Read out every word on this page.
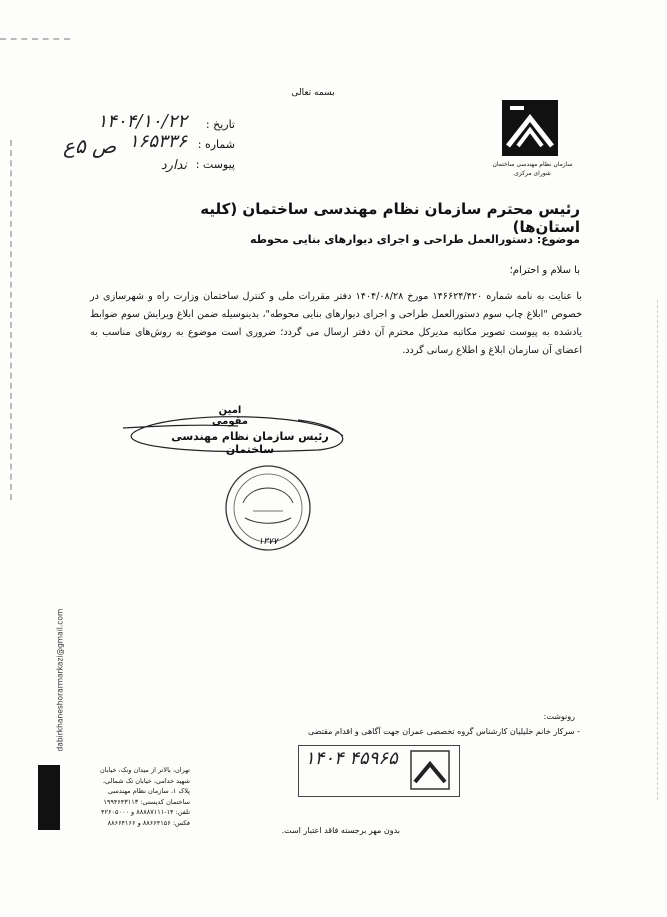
بسمه تعالی
سازمان نظام مهندسی ساختمان شورای مرکزی
تاریخ :
۱۴۰۴/۱۰/۲۲
شماره :
۱۶۵۳۳۶
پیوست :
ندارد
ص ۵ع
رئیس محترم سازمان نظام مهندسی ساختمان (کلیه استان‌ها)
موضوع: دستورالعمل طراحی و اجرای دیوارهای بنایی محوطه
با سلام و احترام؛
با عنایت به نامه شماره ۱۴۶۶۲۴/۴۲۰ مورخ ۱۴۰۴/۰۸/۲۸ دفتر مقررات ملی و کنترل ساختمان وزارت راه و شهرسازی در خصوص "ابلاغ چاپ سوم دستورالعمل طراحی و اجرای دیوارهای بنایی محوطه"، بدینوسیله ضمن ابلاغ ویرایش سوم ضوابط یادشده به پیوست تصویر مکاتبه مدیرکل محترم آن دفتر ارسال می گردد؛ ضروری است موضوع به روش‌های مناسب به اعضای آن سازمان ابلاغ و اطلاع رسانی گردد.
امین مقومی
رئیس سازمان نظام مهندسی ساختمان
۱۳۷۷
dabirkhaneshorarmarkazi@gmail.com
تهران، بالاتر از میدان ونک، خیابان
شهید خدامی، خیابان تک شمالی،
پلاک ۱، سازمان نظام مهندسی
ساختمان کدپستی: ۱۹۹۴۶۴۳۱۱۳
تلفن: ۱۴-۸۸۸۸۷۱۱۱ و ۴۲۶۰۵۰۰۰
فکس: ۸۸۶۶۴۱۵۶ و ۸۸۶۶۴۱۶۶
رونوشت:
- سرکار خانم خلیلیان کارشناس گروه تخصصی عمران جهت آگاهی و اقدام مقتضی
۱۴۰۴ ۴۵۹۶۵
بدون مهر برجسته فاقد اعتبار است.
